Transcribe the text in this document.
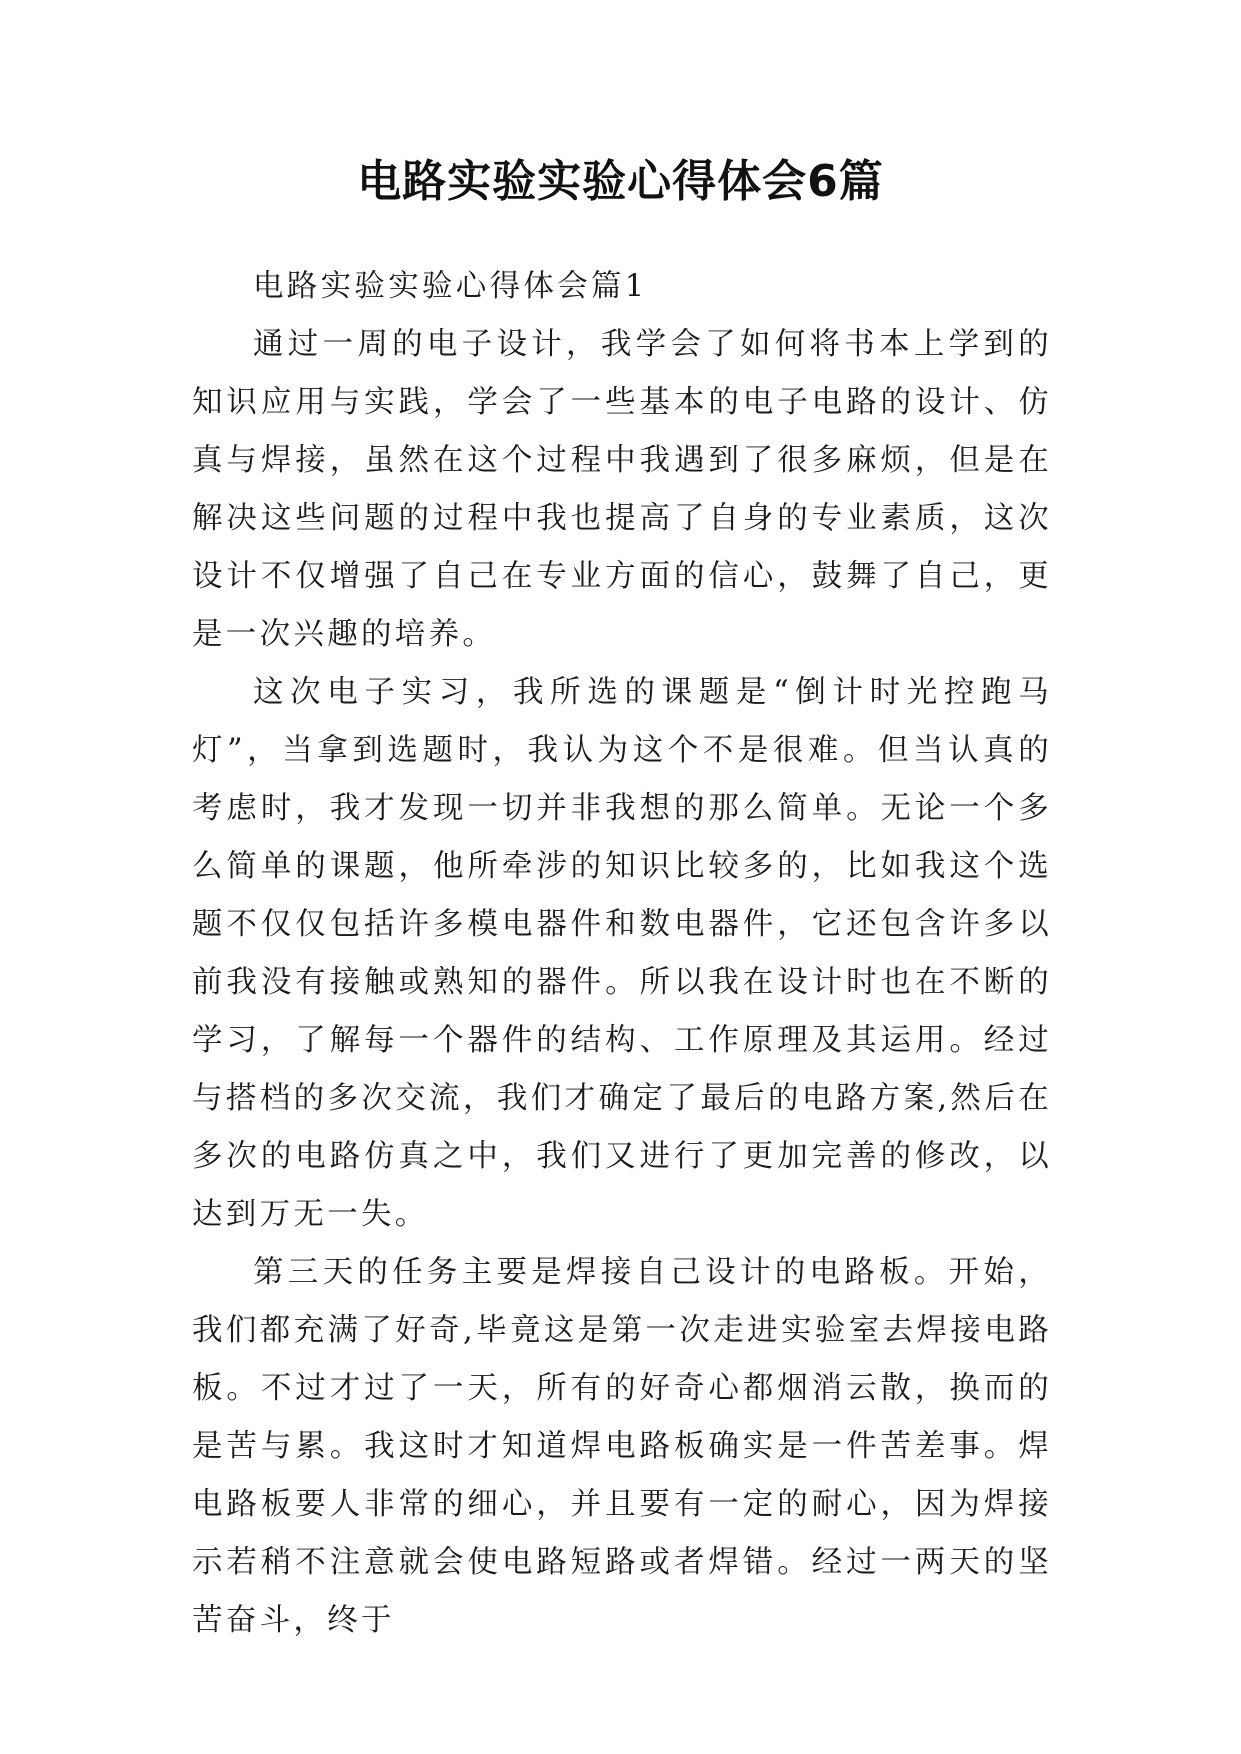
电路实验实验心得体会6篇

电路实验实验心得体会篇1

通过一周的电子设计，我学会了如何将书本上学到的知识应用与实践，学会了一些基本的电子电路的设计、仿真与焊接，虽然在这个过程中我遇到了很多麻烦，但是在解决这些问题的过程中我也提高了自身的专业素质，这次设计不仅增强了自己在专业方面的信心，鼓舞了自己，更是一次兴趣的培养。

这次电子实习，我所选的课题是“倒计时光控跑马灯”，当拿到选题时，我认为这个不是很难。但当认真的考虑时，我才发现一切并非我想的那么简单。无论一个多么简单的课题，他所牵涉的知识比较多的，比如我这个选题不仅仅包括许多模电器件和数电器件，它还包含许多以前我没有接触或熟知的器件。所以我在设计时也在不断的学习，了解每一个器件的结构、工作原理及其运用。经过与搭档的多次交流，我们才确定了最后的电路方案,然后在多次的电路仿真之中，我们又进行了更加完善的修改，以达到万无一失。

第三天的任务主要是焊接自己设计的电路板。开始，我们都充满了好奇,毕竟这是第一次走进实验室去焊接电路板。不过才过了一天，所有的好奇心都烟消云散，换而的是苦与累。我这时才知道焊电路板确实是一件苦差事。焊电路板要人非常的细心，并且要有一定的耐心，因为焊接示若稍不注意就会使电路短路或者焊错。经过一两天的坚苦奋斗，终于
